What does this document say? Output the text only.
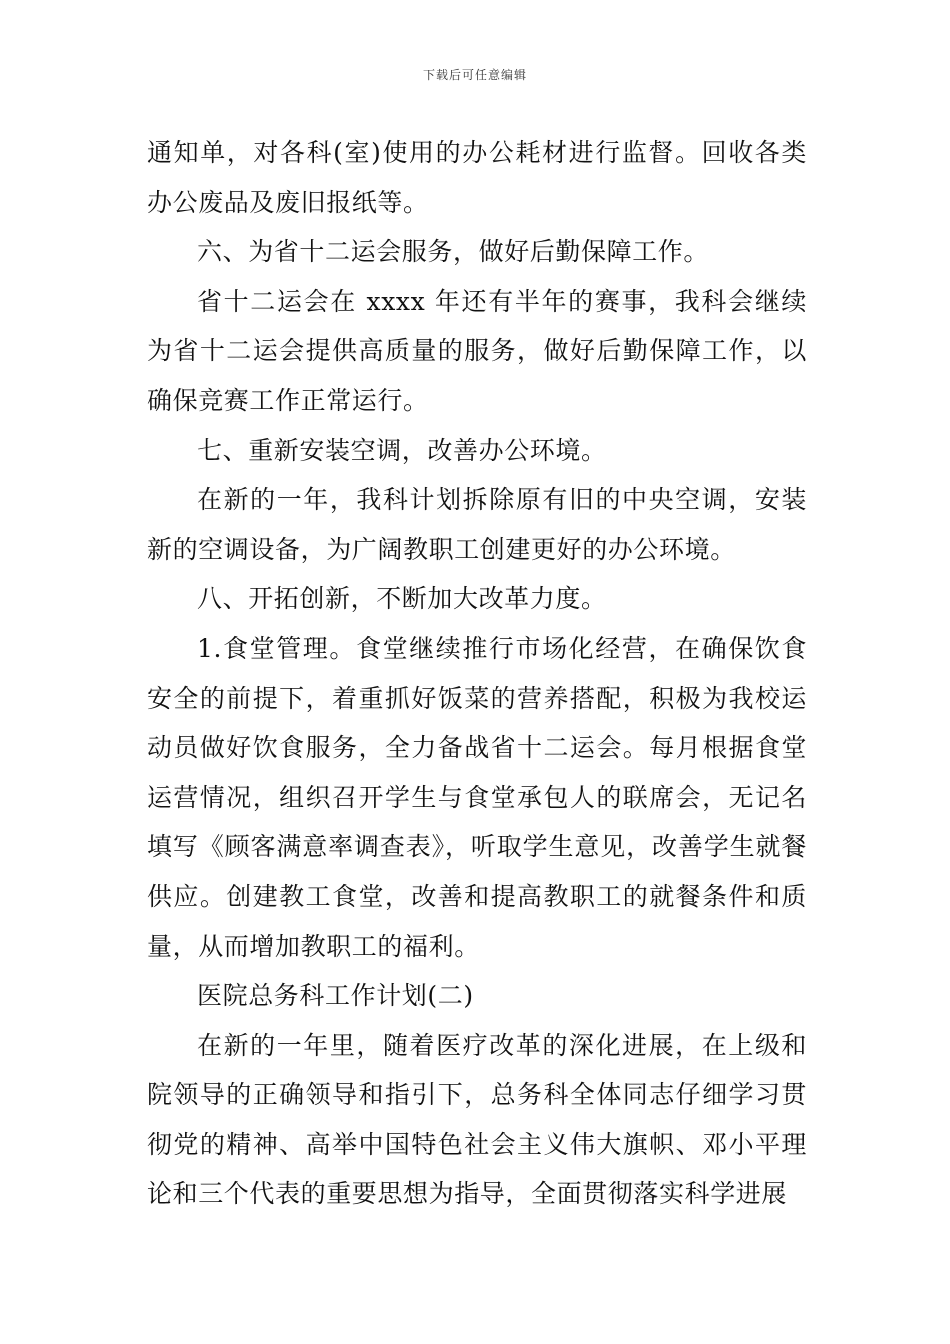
下载后可任意编辑

通知单，对各科(室)使用的办公耗材进行监督。回收各类办公废品及废旧报纸等。

六、为省十二运会服务，做好后勤保障工作。

省十二运会在 xxxx 年还有半年的赛事，我科会继续为省十二运会提供高质量的服务，做好后勤保障工作，以确保竞赛工作正常运行。

七、重新安装空调，改善办公环境。

在新的一年，我科计划拆除原有旧的中央空调，安装新的空调设备，为广阔教职工创建更好的办公环境。

八、开拓创新，不断加大改革力度。

1.食堂管理。食堂继续推行市场化经营，在确保饮食安全的前提下，着重抓好饭菜的营养搭配，积极为我校运动员做好饮食服务，全力备战省十二运会。每月根据食堂运营情况，组织召开学生与食堂承包人的联席会，无记名填写《顾客满意率调查表》，听取学生意见，改善学生就餐供应。创建教工食堂，改善和提高教职工的就餐条件和质量，从而增加教职工的福利。

医院总务科工作计划(二)

在新的一年里，随着医疗改革的深化进展，在上级和院领导的正确领导和指引下，总务科全体同志仔细学习贯彻党的精神、高举中国特色社会主义伟大旗帜、邓小平理论和三个代表的重要思想为指导，全面贯彻落实科学进展
